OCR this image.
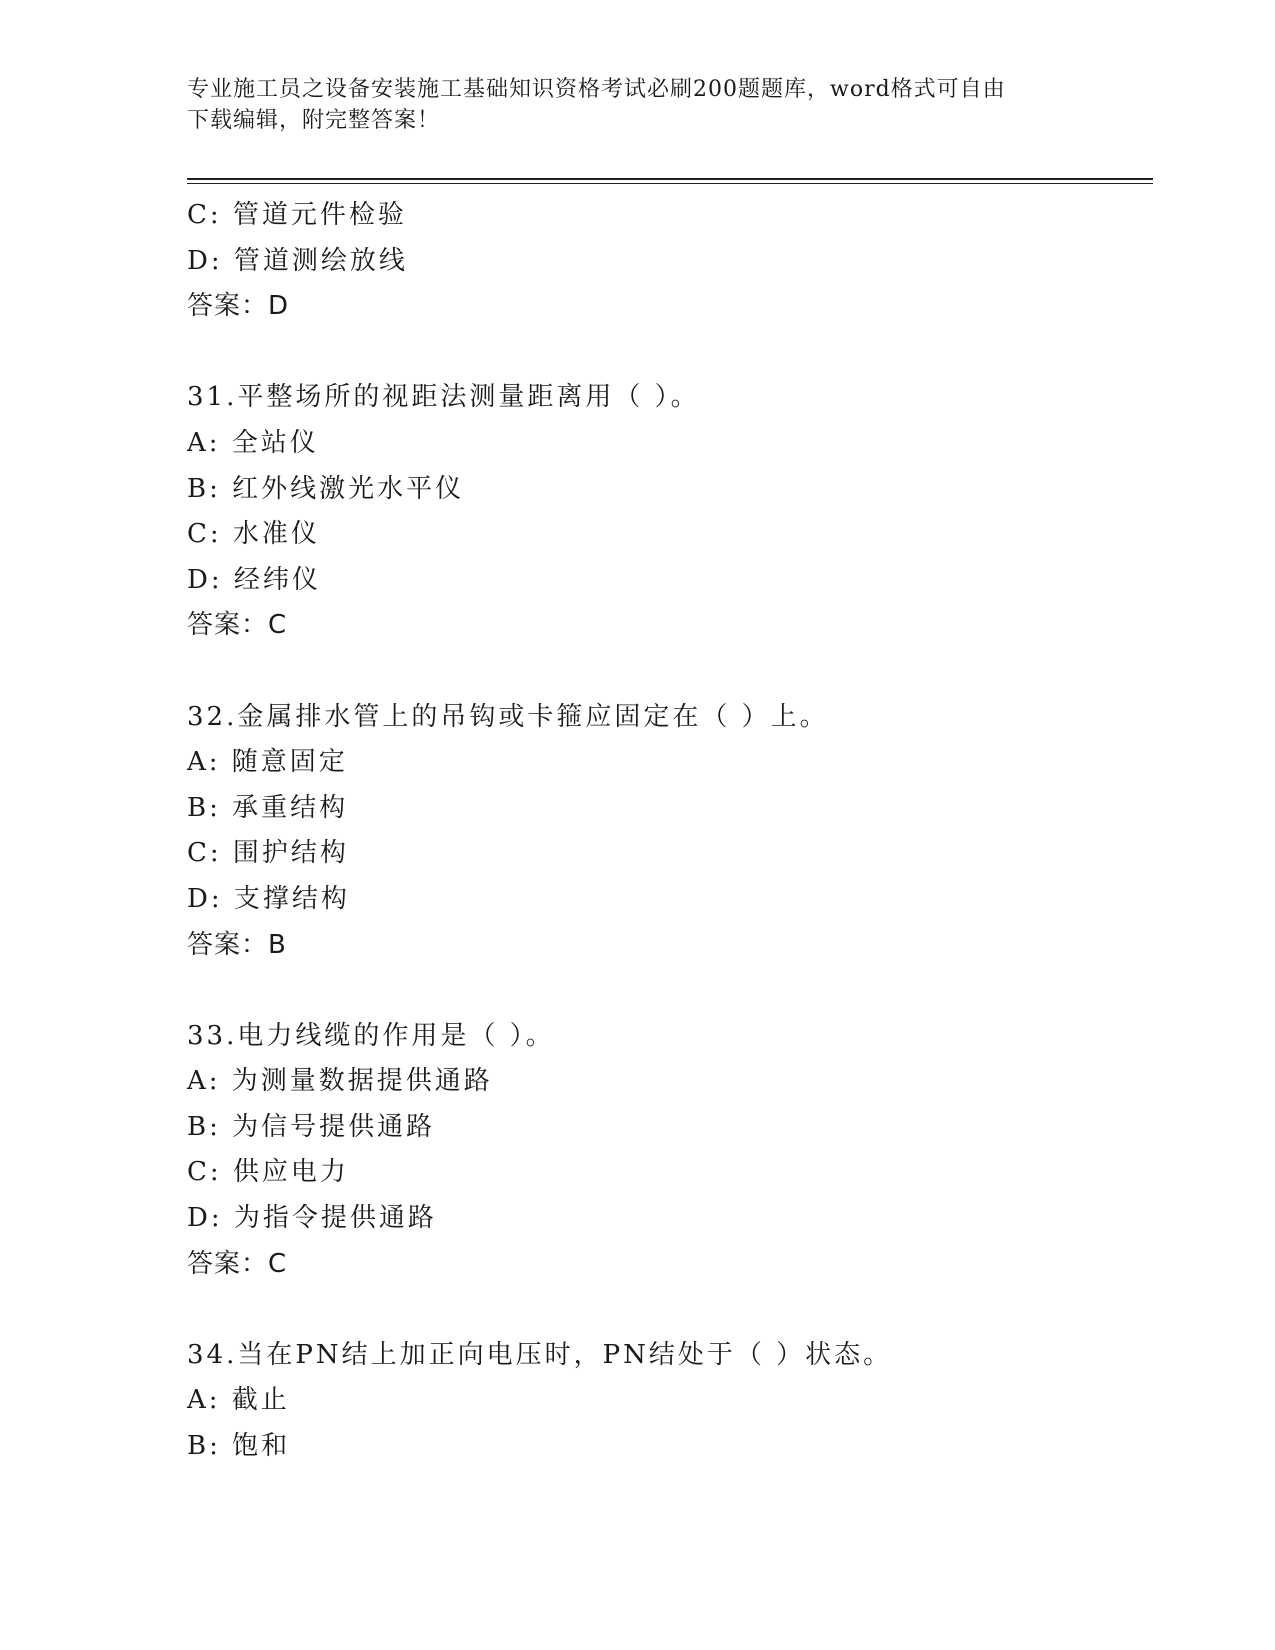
专业施工员之设备安装施工基础知识资格考试必刷200题题库，word格式可自由
下载编辑，附完整答案！
C: 管道元件检验
D: 管道测绘放线
答案：D
31.平整场所的视距法测量距离用（ ）。
A: 全站仪
B: 红外线激光水平仪
C: 水准仪
D: 经纬仪
答案：C
32.金属排水管上的吊钩或卡箍应固定在（ ）上。
A: 随意固定
B: 承重结构
C: 围护结构
D: 支撑结构
答案：B
33.电力线缆的作用是（ ）。
A: 为测量数据提供通路
B: 为信号提供通路
C: 供应电力
D: 为指令提供通路
答案：C
34.当在PN结上加正向电压时，PN结处于（ ）状态。
A: 截止
B: 饱和
